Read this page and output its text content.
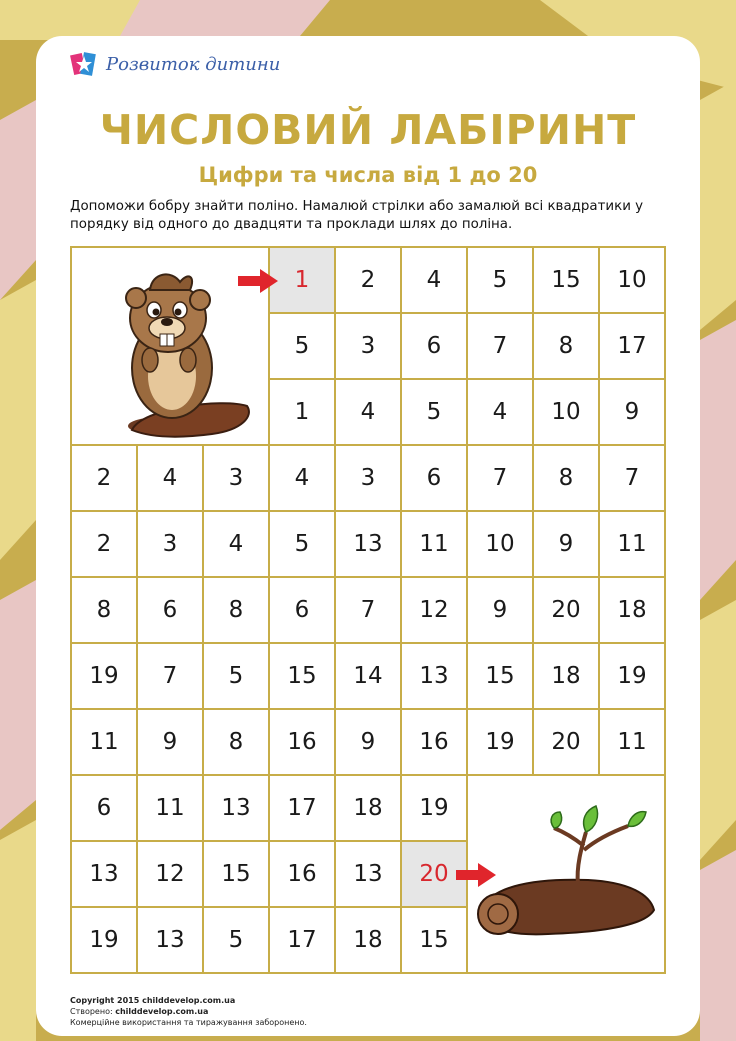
Розвиток дитини
ЧИСЛОВИЙ ЛАБІРИНТ
Цифри та числа від 1 до 20
Допоможи бобру знайти поліно. Намалюй стрілки або замалюй всі квадратики у порядку від одного до двадцяти та проклади шлях до поліна.
1	2	4	5	15	10
5	3	6	7	8	17
1	4	5	4	10	9
2	4	3	4	3	6	7	8	7
2	3	4	5	13	11	10	9	11
8	6	8	6	7	12	9	20	18
19	7	5	15	14	13	15	18	19
11	9	8	16	9	16	19	20	11
6	11	13	17	18	19
13	12	15	16	13	20
19	13	5	17	18	15
Copyright 2015 childdevelop.com.ua
Створено: childdevelop.com.ua
Комерційне використання та тиражування заборонено.
